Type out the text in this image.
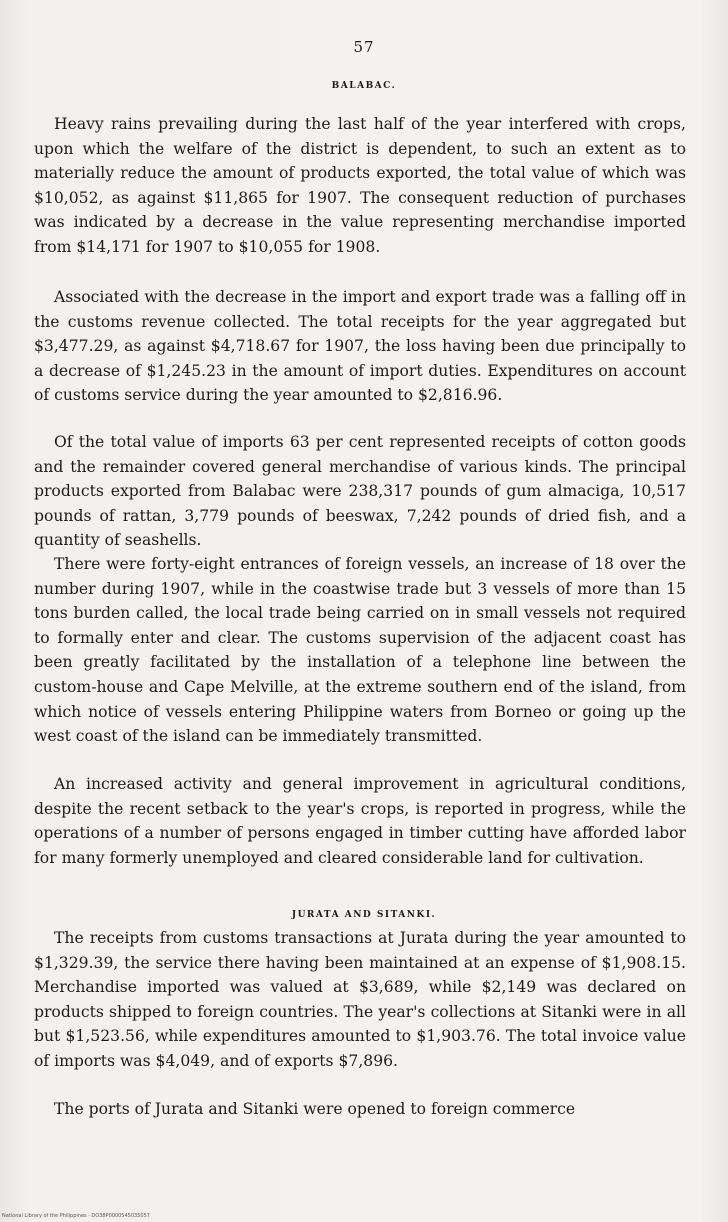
57
BALABAC.

Heavy rains prevailing during the last half of the year interfered with crops, upon which the welfare of the district is dependent, to such an extent as to materially reduce the amount of products exported, the total value of which was $10,052, as against $11,865 for 1907. The consequent reduction of purchases was indicated by a decrease in the value representing merchandise imported from $14,171 for 1907 to $10,055 for 1908.

Associated with the decrease in the import and export trade was a falling off in the customs revenue collected. The total receipts for the year aggregated but $3,477.29, as against $4,718.67 for 1907, the loss having been due principally to a decrease of $1,245.23 in the amount of import duties. Expenditures on account of customs service during the year amounted to $2,816.96.

Of the total value of imports 63 per cent represented receipts of cotton goods and the remainder covered general merchandise of various kinds. The principal products exported from Balabac were 238,317 pounds of gum almaciga, 10,517 pounds of rattan, 3,779 pounds of beeswax, 7,242 pounds of dried fish, and a quantity of seashells.

There were forty-eight entrances of foreign vessels, an increase of 18 over the number during 1907, while in the coastwise trade but 3 vessels of more than 15 tons burden called, the local trade being carried on in small vessels not required to formally enter and clear. The customs supervision of the adjacent coast has been greatly facilitated by the installation of a telephone line between the custom-house and Cape Melville, at the extreme southern end of the island, from which notice of vessels entering Philippine waters from Borneo or going up the west coast of the island can be immediately transmitted.

An increased activity and general improvement in agricultural conditions, despite the recent setback to the year's crops, is reported in progress, while the operations of a number of persons engaged in timber cutting have afforded labor for many formerly unemployed and cleared considerable land for cultivation.

JURATA AND SITANKI.

The receipts from customs transactions at Jurata during the year amounted to $1,329.39, the service there having been maintained at an expense of $1,908.15. Merchandise imported was valued at $3,689, while $2,149 was declared on products shipped to foreign countries. The year's collections at Sitanki were in all but $1,523.56, while expenditures amounted to $1,903.76. The total invoice value of imports was $4,049, and of exports $7,896.

The ports of Jurata and Sitanki were opened to foreign commerce

National Library of the Philippines · DO38P0000545035057
